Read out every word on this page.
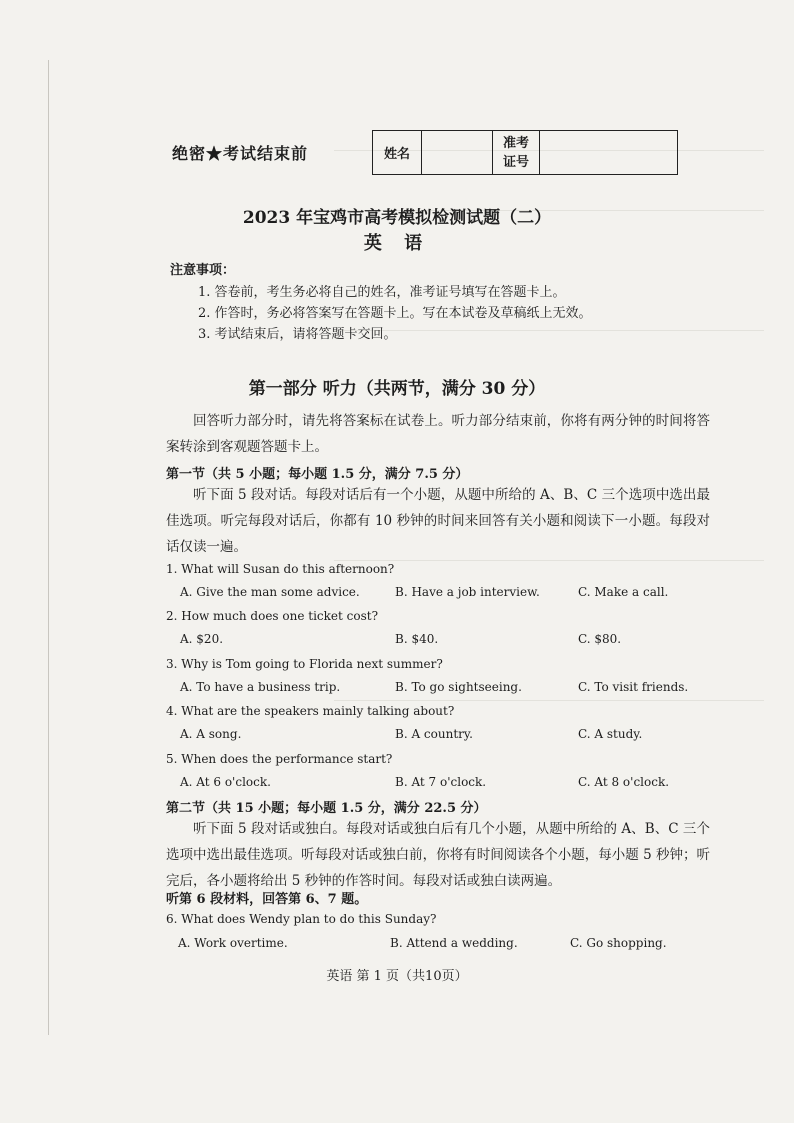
绝密★考试结束前	姓名		准考
证号	
2023 年宝鸡市高考模拟检测试题（二）
英 语
注意事项：
1. 答卷前，考生务必将自己的姓名，准考证号填写在答题卡上。
2. 作答时，务必将答案写在答题卡上。写在本试卷及草稿纸上无效。
3. 考试结束后，请将答题卡交回。
第一部分 听力（共两节，满分 30 分）

回答听力部分时，请先将答案标在试卷上。听力部分结束前，你将有两分钟的时间将答案转涂到客观题答题卡上。

第一节（共 5 小题；每小题 1.5 分，满分 7.5 分）

听下面 5 段对话。每段对话后有一个小题，从题中所给的 A、B、C 三个选项中选出最佳选项。听完每段对话后，你都有 10 秒钟的时间来回答有关小题和阅读下一小题。每段对话仅读一遍。

1. What will Susan do this afternoon?
A. Give the man some advice.	B. Have a job interview.	C. Make a call.
2. How much does one ticket cost?
A. $20.	B. $40.	C. $80.
3. Why is Tom going to Florida next summer?
A. To have a business trip.	B. To go sightseeing.	C. To visit friends.
4. What are the speakers mainly talking about?
A. A song.	B. A country.	C. A study.
5. When does the performance start?
A. At 6 o'clock.	B. At 7 o'clock.	C. At 8 o'clock.
第二节（共 15 小题；每小题 1.5 分，满分 22.5 分）

听下面 5 段对话或独白。每段对话或独白后有几个小题，从题中所给的 A、B、C 三个选项中选出最佳选项。听每段对话或独白前，你将有时间阅读各个小题，每小题 5 秒钟；听完后，各小题将给出 5 秒钟的作答时间。每段对话或独白读两遍。

听第 6 段材料，回答第 6、7 题。
6. What does Wendy plan to do this Sunday?
A. Work overtime.	B. Attend a wedding.	C. Go shopping.
英语 第 1 页（共10页）
